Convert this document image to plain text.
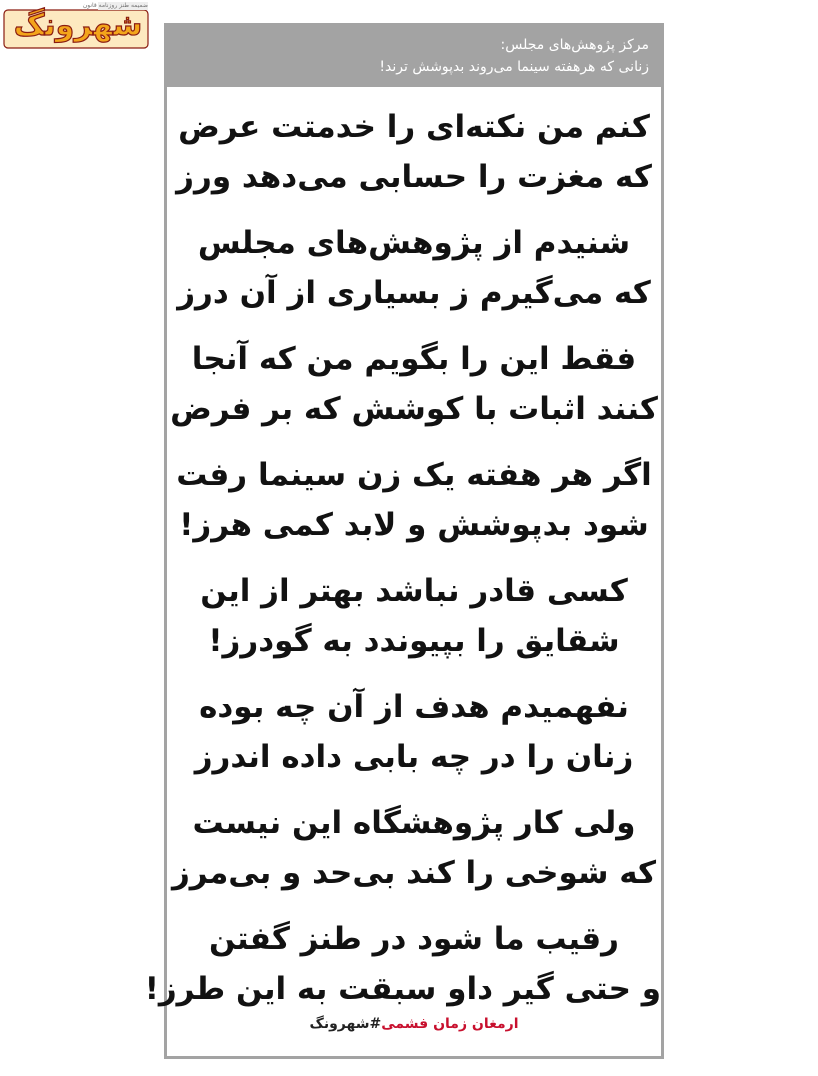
ضمیمه طنز روزنامه قانون
شهرونگ
مرکز پژوهش‌های مجلس:
زنانی که هرهفته سینما می‌روند بدپوشش ترند!
کنم من نکته‌ای را خدمتت عرض
که مغزت را حسابی می‌دهد ورز
شنیدم از پژوهش‌های مجلس
که می‌گیرم ز بسیاری از آن درز
فقط این را بگویم من که آنجا
کنند اثبات با کوشش که بر فرض
اگر هر هفته یک زن سینما رفت
شود بدپوشش و لابد کمی هرز!
کسی قادر نباشد بهتر از این
شقایق را بپیوندد به گودرز!
نفهمیدم هدف از آن چه بوده
زنان را در چه بابی داده اندرز
ولی کار پژوهشگاه این نیست
که شوخی را کند بی‌حد و بی‌مرز
رقیب ما شود در طنز گفتن
و حتی گیر داو سبقت به این طرز!
ارمغان زمان فشمی#شهرونگ
